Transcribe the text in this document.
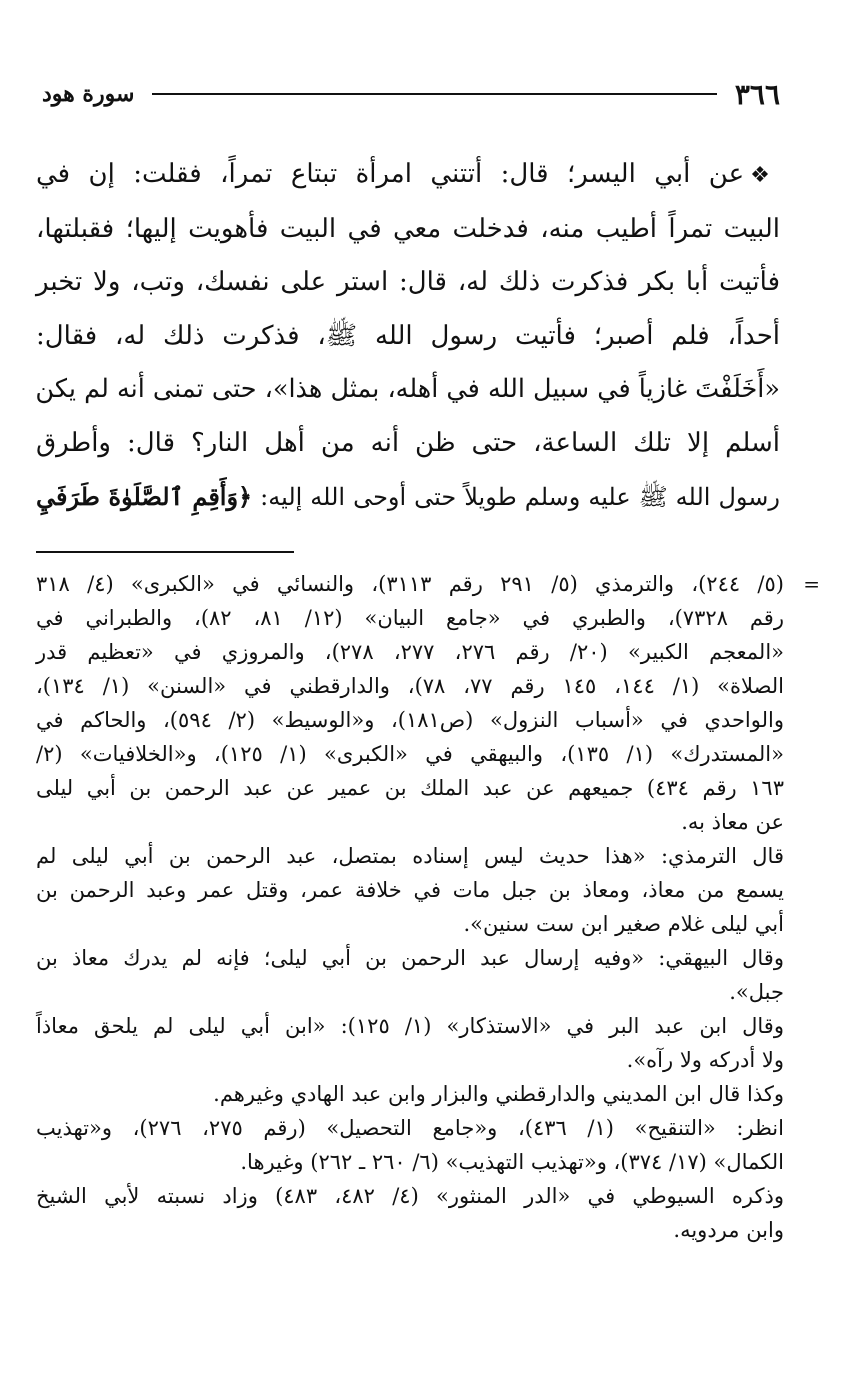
٣٦٦
سورة هود
❖عن أبي اليسر؛ قال: أتتني امرأة تبتاع تمراً، فقلت: إن في
البيت تمراً أطيب منه، فدخلت معي في البيت فأهويت إليها؛ فقبلتها،
فأتيت أبا بكر فذكرت ذلك له، قال: استر على نفسك، وتب، ولا تخبر
أحداً، فلم أصبر؛ فأتيت رسول الله ﷺ، فذكرت ذلك له، فقال:
«أَخَلَفْتَ غازياً في سبيل الله في أهله، بمثل هذا»، حتى تمنى أنه لم يكن
أسلم إلا تلك الساعة، حتى ظن أنه من أهل النار؟ قال: وأطرق
رسول الله ﷺ عليه وسلم طويلاً حتى أوحى الله إليه: ﴿وَأَقِمِ ٱلصَّلَوٰةَ طَرَفَيِ
=

(٥/ ٢٤٤)، والترمذي (٥/ ٢٩١ رقم ٣١١٣)، والنسائي في «الكبرى» (٤/ ٣١٨
رقم ٧٣٢٨)، والطبري في «جامع البيان» (١٢/ ٨١، ٨٢)، والطبراني في
«المعجم الكبير» (٢٠/ رقم ٢٧٦، ٢٧٧، ٢٧٨)، والمروزي في «تعظيم قدر
الصلاة» (١/ ١٤٤، ١٤٥ رقم ٧٧، ٧٨)، والدارقطني في «السنن» (١/ ١٣٤)،
والواحدي في «أسباب النزول» (ص١٨١)، و«الوسيط» (٢/ ٥٩٤)، والحاكم في
«المستدرك» (١/ ١٣٥)، والبيهقي في «الكبرى» (١/ ١٢٥)، و«الخلافيات» (٢/
١٦٣ رقم ٤٣٤) جميعهم عن عبد الملك بن عمير عن عبد الرحمن بن أبي ليلى
عن معاذ به.

قال الترمذي: «هذا حديث ليس إسناده بمتصل، عبد الرحمن بن أبي ليلى لم
يسمع من معاذ، ومعاذ بن جبل مات في خلافة عمر، وقتل عمر وعبد الرحمن بن
أبي ليلى غلام صغير ابن ست سنين».

وقال البيهقي: «وفيه إرسال عبد الرحمن بن أبي ليلى؛ فإنه لم يدرك معاذ بن
جبل».

وقال ابن عبد البر في «الاستذكار» (١/ ١٢٥): «ابن أبي ليلى لم يلحق معاذاً
ولا أدركه ولا رآه».

وكذا قال ابن المديني والدارقطني والبزار وابن عبد الهادي وغيرهم.

انظر: «التنقيح» (١/ ٤٣٦)، و«جامع التحصيل» (رقم ٢٧٥، ٢٧٦)، و«تهذيب
الكمال» (١٧/ ٣٧٤)، و«تهذيب التهذيب» (٦/ ٢٦٠ ـ ٢٦٢) وغيرها.

وذكره السيوطي في «الدر المنثور» (٤/ ٤٨٢، ٤٨٣) وزاد نسبته لأبي الشيخ
وابن مردويه.
